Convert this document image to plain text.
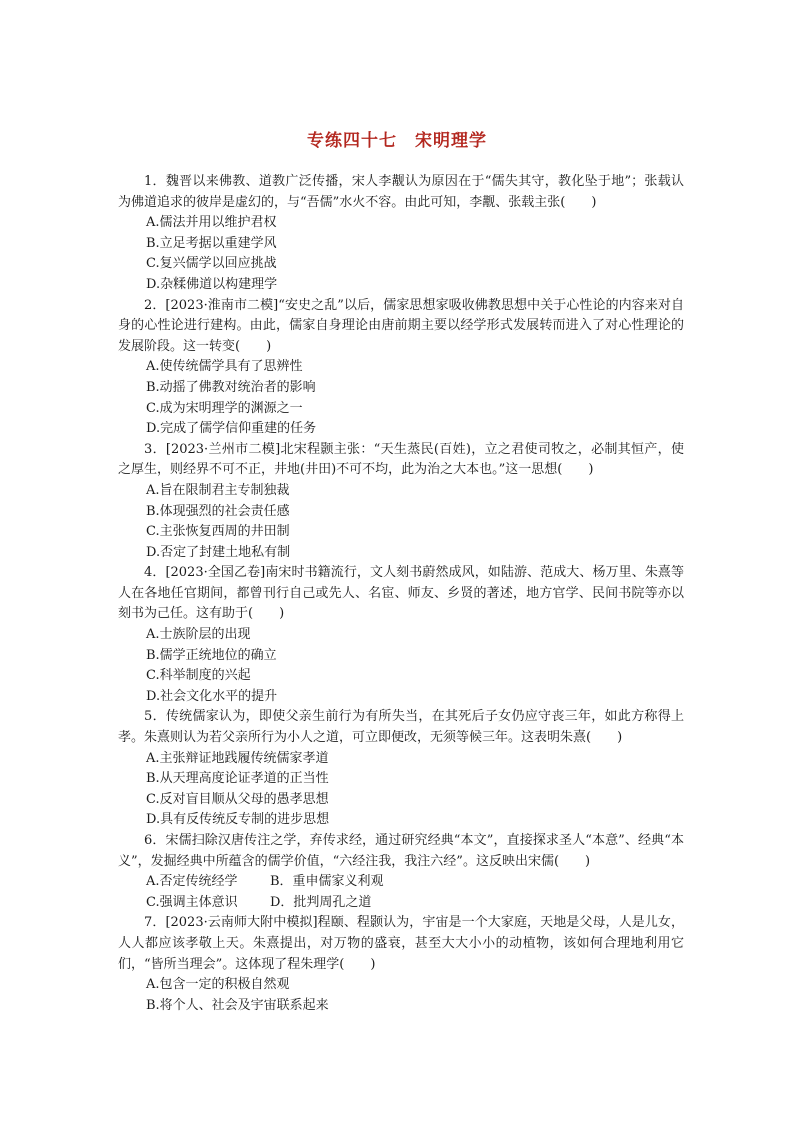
专练四十七　宋明理学

1．魏晋以来佛教、道教广泛传播，宋人李觏认为原因在于“儒失其守，教化坠于地”；张载认为佛道追求的彼岸是虚幻的，与“吾儒”水火不容。由此可知，李觏、张载主张(　　)

A.儒法并用以维护君权

B.立足考据以重建学风

C.复兴儒学以回应挑战

D.杂糅佛道以构建理学

2．[2023·淮南市二模]“安史之乱”以后，儒家思想家吸收佛教思想中关于心性论的内容来对自身的心性论进行建构。由此，儒家自身理论由唐前期主要以经学形式发展转而进入了对心性理论的发展阶段。这一转变(　　)

A.使传统儒学具有了思辨性

B.动摇了佛教对统治者的影响

C.成为宋明理学的渊源之一

D.完成了儒学信仰重建的任务

3．[2023·兰州市二模]北宋程颢主张：“天生蒸民(百姓)，立之君使司牧之，必制其恒产，使之厚生，则经界不可不正，井地(井田)不可不均，此为治之大本也。”这一思想(　　)

A.旨在限制君主专制独裁

B.体现强烈的社会责任感

C.主张恢复西周的井田制

D.否定了封建土地私有制

4．[2023·全国乙卷]南宋时书籍流行，文人刻书蔚然成风，如陆游、范成大、杨万里、朱熹等人在各地任官期间，都曾刊行自己或先人、名宦、师友、乡贤的著述，地方官学、民间书院等亦以刻书为己任。这有助于(　　)

A.士族阶层的出现

B.儒学正统地位的确立

C.科举制度的兴起

D.社会文化水平的提升

5．传统儒家认为，即使父亲生前行为有所失当，在其死后子女仍应守丧三年，如此方称得上孝。朱熹则认为若父亲所行为小人之道，可立即便改，无须等候三年。这表明朱熹(　　)

A.主张辩证地践履传统儒家孝道

B.从天理高度论证孝道的正当性

C.反对盲目顺从父母的愚孝思想

D.具有反传统反专制的进步思想

6．宋儒扫除汉唐传注之学，弃传求经，通过研究经典“本文”，直接探求圣人“本意”、经典“本义”，发掘经典中所蕴含的儒学价值，“六经注我，我注六经”。这反映出宋儒(　　)

A.否定传统经学 B．重申儒家义利观

C.强调主体意识 D．批判周孔之道

7．[2023·云南师大附中模拟]程颐、程颢认为，宇宙是一个大家庭，天地是父母，人是儿女，人人都应该孝敬上天。朱熹提出，对万物的盛衰，甚至大大小小的动植物，该如何合理地利用它们，“皆所当理会”。这体现了程朱理学(　　)

A.包含一定的积极自然观

B.将个人、社会及宇宙联系起来
